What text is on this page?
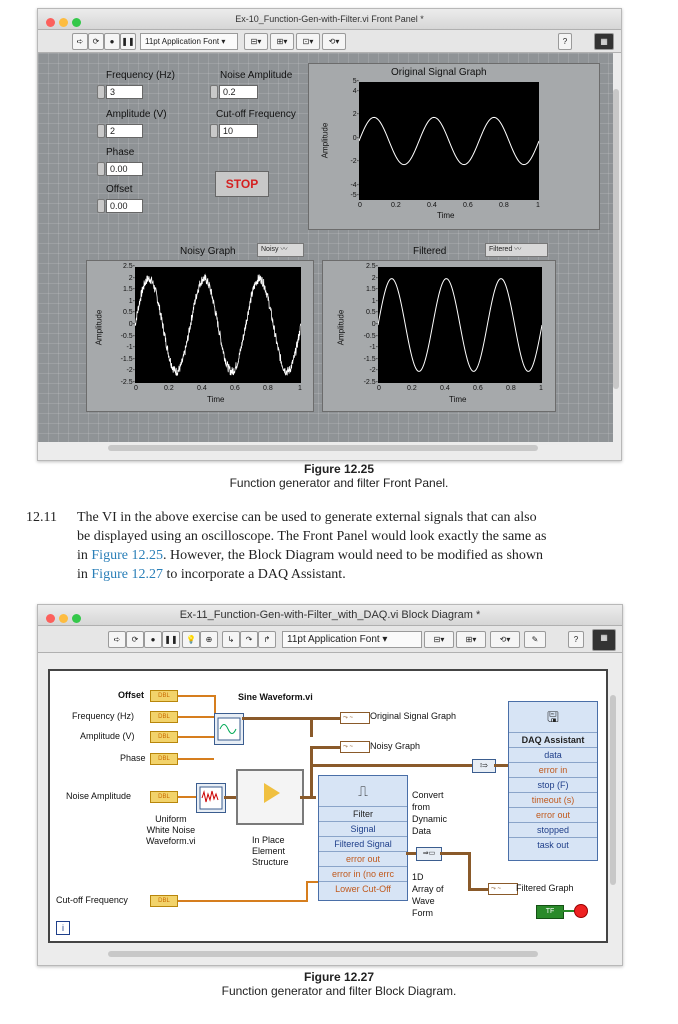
Ex-10_Function-Gen-with-Filter.vi Front Panel *
➪	⟳	● ❚❚	11pt Application Font ▾	⊟▾	⊞▾	⊡▾	⟲▾	?	▦
Frequency (Hz)
3
Amplitude (V)
2
Phase
0.00
Offset
0.00
Noise Amplitude
0.2
Cut-off Frequency
10
STOP
Original Signal Graph
5-
4-
2-
0-
-2-
-4-
-5-
0	0.2	0.4	0.6	0.8	1
Time
Amplitude
Noisy Graph	Noisy 〰
2.5-
2-
1.5-
1-
0.5-
0-
-0.5-
-1-
-1.5-
-2-
-2.5-
0	0.2	0.4	0.6	0.8	1
Time
Amplitude
Filtered	Filtered 〰
2.5-
2-
1.5-
1-
0.5-
0-
-0.5-
-1-
-1.5-
-2-
-2.5-
0	0.2	0.4	0.6	0.8	1
Time
Amplitude
Figure 12.25
Function generator and filter Front Panel.
12.11 The VI in the above exercise can be used to generate external signals that can also
be displayed using an oscilloscope. The Front Panel would look exactly the same as
in Figure 12.25. However, the Block Diagram would need to be modified as shown
in Figure 12.27 to incorporate a DAQ Assistant.
Ex-11_Function-Gen-with-Filter_with_DAQ.vi Block Diagram *
➪	⟳	●	❚❚	💡	⊕	↳	↷	↱	11pt Application Font ▾	⊟▾	⊞▾	⟲▾	✎	?	▦
Offset
Frequency (Hz)
Amplitude (V)
Phase
Noise Amplitude
Cut-off Frequency
DBL
DBL
DBL
DBL
DBL
DBL
Sine Waveform.vi
Uniform
White Noise
Waveform.vi	In Place
Element
Structure
⤳ ~	Original Signal Graph
⤳ ~	Noisy Graph
⎍
Filter
Signal
Filtered Signal
error out
error in (no errc
Lower Cut-Off
Convert
from
Dynamic
Data
⇒▭
1D
Array of
Wave
Form
⦂⇒
🖫
DAQ Assistant
data
error in
stop (F)
timeout (s)
error out
stopped
task out
⤳ ~	Filtered Graph
TF
i
Figure 12.27
Function generator and filter Block Diagram.
